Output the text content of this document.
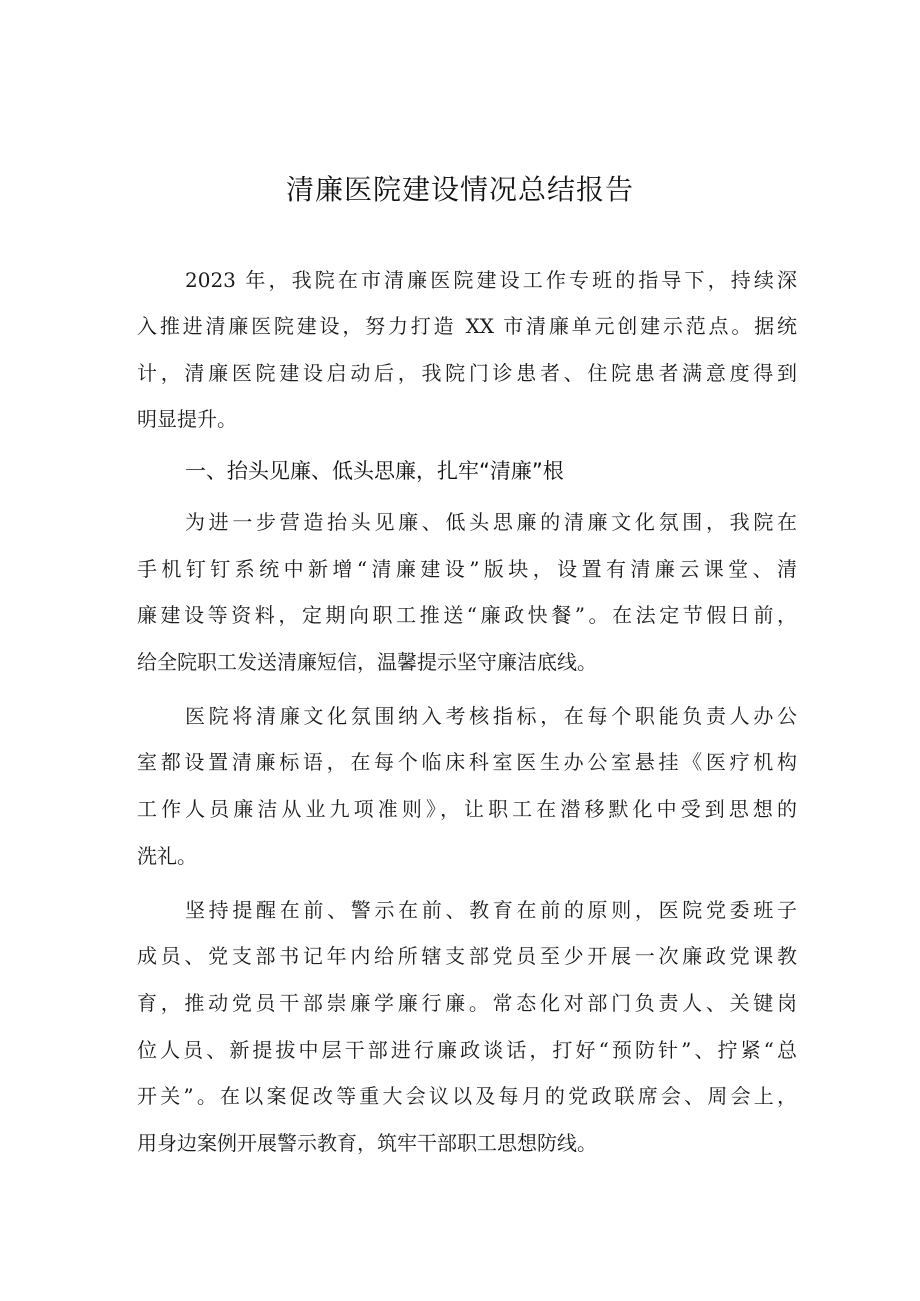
清廉医院建设情况总结报告
2023 年，我院在市清廉医院建设工作专班的指导下，持续深
入推进清廉医院建设，努力打造 XX 市清廉单元创建示范点。据统
计，清廉医院建设启动后，我院门诊患者、住院患者满意度得到
明显提升。
一、抬头见廉、低头思廉，扎牢“清廉”根
为进一步营造抬头见廉、低头思廉的清廉文化氛围，我院在
手机钉钉系统中新增“清廉建设”版块，设置有清廉云课堂、清
廉建设等资料，定期向职工推送“廉政快餐”。在法定节假日前，
给全院职工发送清廉短信，温馨提示坚守廉洁底线。
医院将清廉文化氛围纳入考核指标，在每个职能负责人办公
室都设置清廉标语，在每个临床科室医生办公室悬挂《医疗机构
工作人员廉洁从业九项准则》，让职工在潜移默化中受到思想的
洗礼。
坚持提醒在前、警示在前、教育在前的原则，医院党委班子
成员、党支部书记年内给所辖支部党员至少开展一次廉政党课教
育，推动党员干部崇廉学廉行廉。常态化对部门负责人、关键岗
位人员、新提拔中层干部进行廉政谈话，打好“预防针”、拧紧“总
开关”。在以案促改等重大会议以及每月的党政联席会、周会上，
用身边案例开展警示教育，筑牢干部职工思想防线。
